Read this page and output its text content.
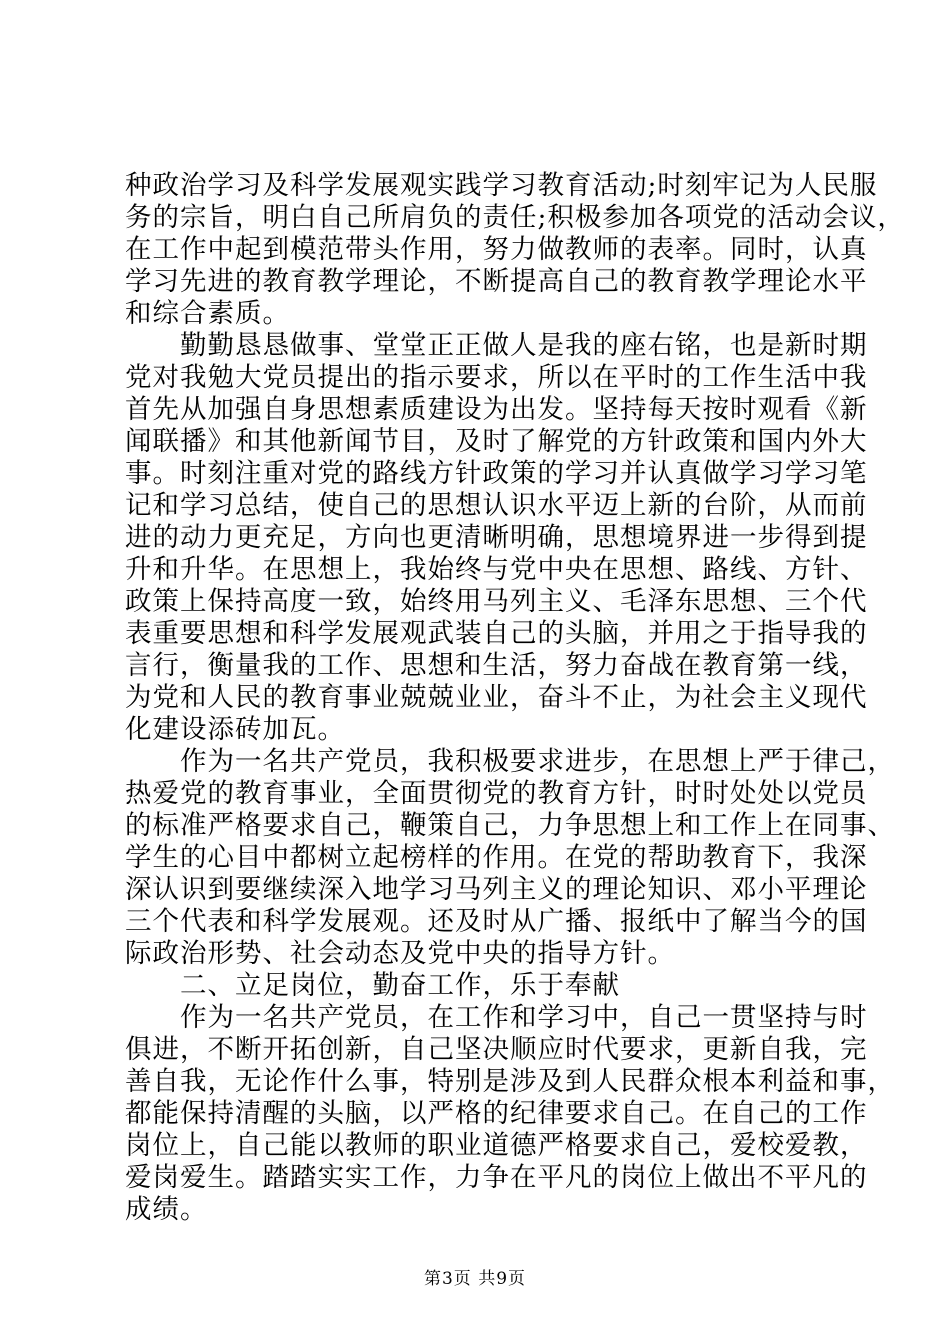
种政治学习及科学发展观实践学习教育活动;时刻牢记为人民服
务的宗旨，明白自己所肩负的责任;积极参加各项党的活动会议，
在工作中起到模范带头作用，努力做教师的表率。同时，认真
学习先进的教育教学理论，不断提高自己的教育教学理论水平
和综合素质。
　　勤勤恳恳做事、堂堂正正做人是我的座右铭，也是新时期
党对我勉大党员提出的指示要求，所以在平时的工作生活中我
首先从加强自身思想素质建设为出发。坚持每天按时观看《新
闻联播》和其他新闻节目，及时了解党的方针政策和国内外大
事。时刻注重对党的路线方针政策的学习并认真做学习学习笔
记和学习总结，使自己的思想认识水平迈上新的台阶，从而前
进的动力更充足，方向也更清晰明确，思想境界进一步得到提
升和升华。在思想上，我始终与党中央在思想、路线、方针、
政策上保持高度一致，始终用马列主义、毛泽东思想、三个代
表重要思想和科学发展观武装自己的头脑，并用之于指导我的
言行，衡量我的工作、思想和生活，努力奋战在教育第一线，
为党和人民的教育事业兢兢业业，奋斗不止，为社会主义现代
化建设添砖加瓦。
　　作为一名共产党员，我积极要求进步，在思想上严于律己，
热爱党的教育事业，全面贯彻党的教育方针，时时处处以党员
的标准严格要求自己，鞭策自己，力争思想上和工作上在同事、
学生的心目中都树立起榜样的作用。在党的帮助教育下，我深
深认识到要继续深入地学习马列主义的理论知识、邓小平理论
三个代表和科学发展观。还及时从广播、报纸中了解当今的国
际政治形势、社会动态及党中央的指导方针。
　　二、立足岗位，勤奋工作，乐于奉献
　　作为一名共产党员，在工作和学习中，自己一贯坚持与时
俱进，不断开拓创新，自己坚决顺应时代要求，更新自我，完
善自我，无论作什么事，特别是涉及到人民群众根本利益和事，
都能保持清醒的头脑，以严格的纪律要求自己。在自己的工作
岗位上，自己能以教师的职业道德严格要求自己，爱校爱教，
爱岗爱生。踏踏实实工作，力争在平凡的岗位上做出不平凡的
成绩。
第3页 共9页
